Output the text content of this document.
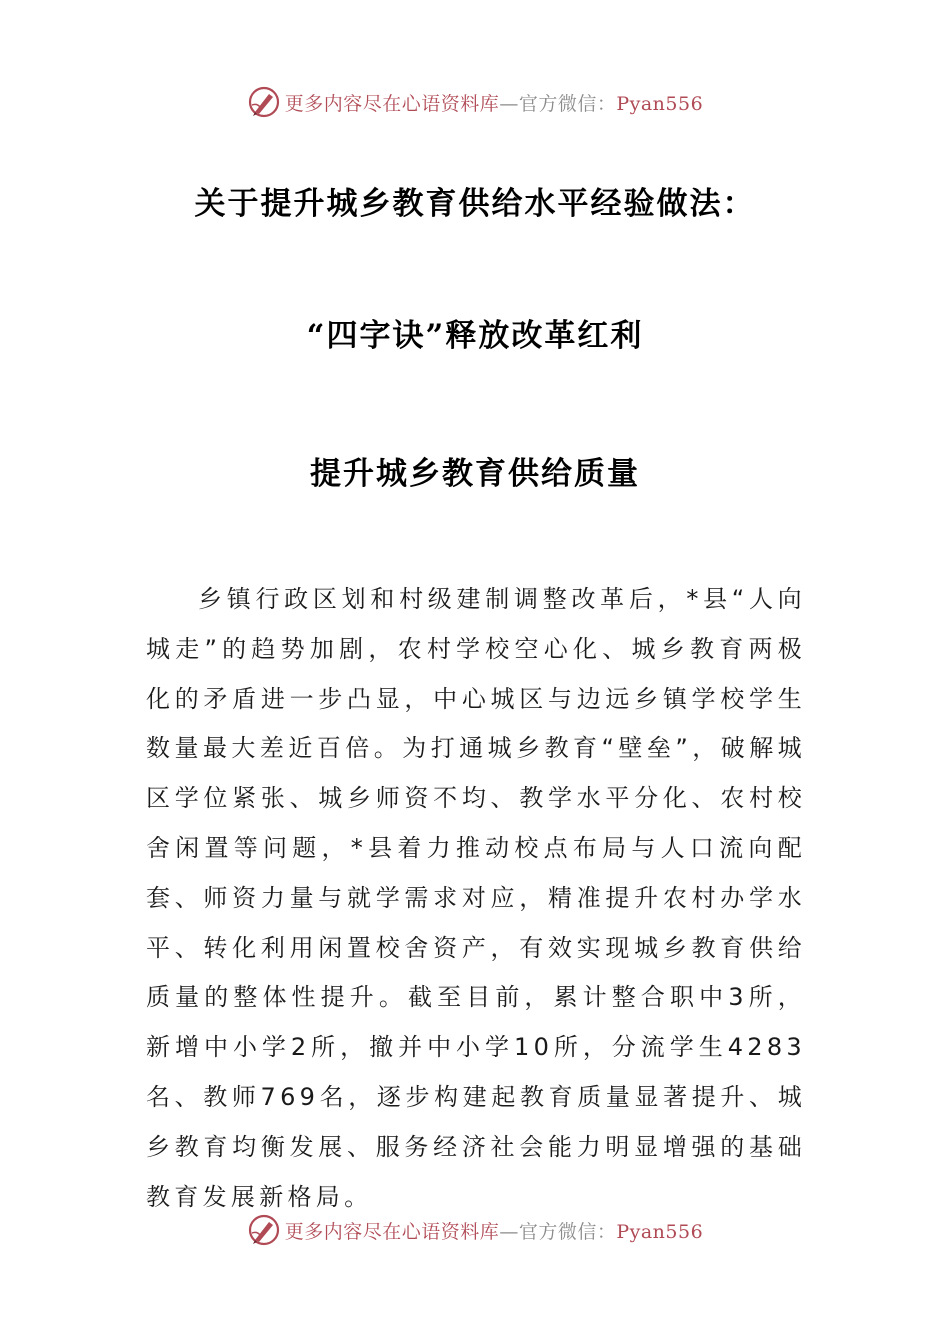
更多内容尽在心语资料库—官方微信：Pyan556
关于提升城乡教育供给水平经验做法：
“四字诀”释放改革红利
提升城乡教育供给质量

乡镇行政区划和村级建制调整改革后，*县“人向城走”的趋势加剧，农村学校空心化、城乡教育两极化的矛盾进一步凸显，中心城区与边远乡镇学校学生数量最大差近百倍。为打通城乡教育“壁垒”，破解城区学位紧张、城乡师资不均、教学水平分化、农村校舍闲置等问题，*县着力推动校点布局与人口流向配套、师资力量与就学需求对应，精准提升农村办学水平、转化利用闲置校舍资产，有效实现城乡教育供给质量的整体性提升。截至目前，累计整合职中3所，新增中小学2所，撤并中小学10所，分流学生4283名、教师769名，逐步构建起教育质量显著提升、城乡教育均衡发展、服务经济社会能力明显增强的基础教育发展新格局。

更多内容尽在心语资料库—官方微信：Pyan556
